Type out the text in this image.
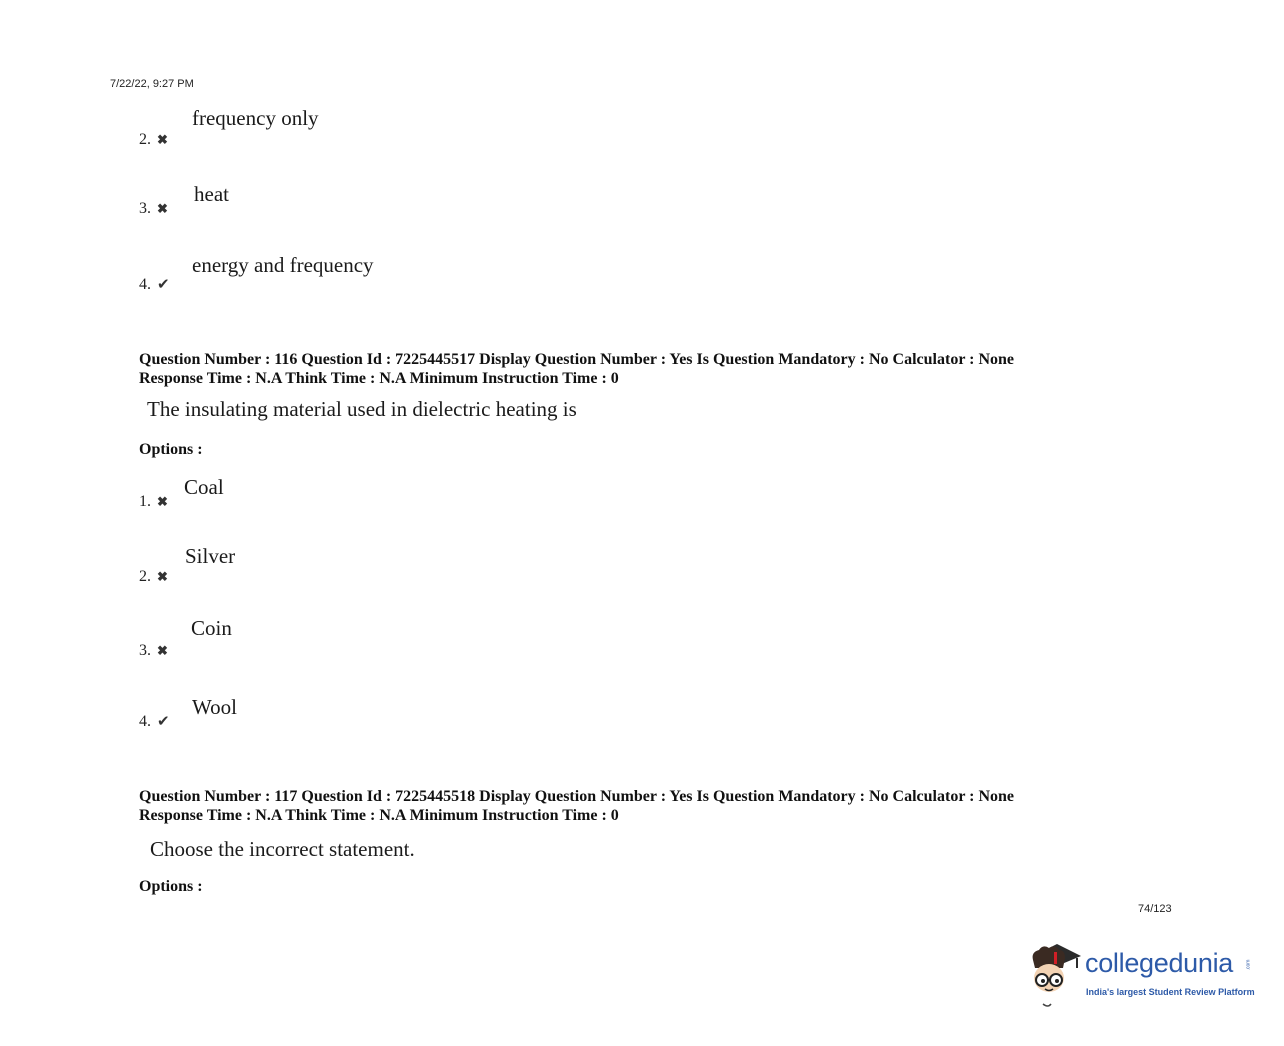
7/22/22, 9:27 PM
frequency only
2. ✖
heat
3. ✖
energy and frequency
4. ✔
Question Number : 116 Question Id : 7225445517 Display Question Number : Yes Is Question Mandatory : No Calculator : None
Response Time : N.A Think Time : N.A Minimum Instruction Time : 0
The insulating material used in dielectric heating is
Options :
Coal
1. ✖
Silver
2. ✖
Coin
3. ✖
Wool
4. ✔
Question Number : 117 Question Id : 7225445518 Display Question Number : Yes Is Question Mandatory : No Calculator : None
Response Time : N.A Think Time : N.A Minimum Instruction Time : 0
Choose the incorrect statement.
Options :
74/123
collegedunia .com
India's largest Student Review Platform
